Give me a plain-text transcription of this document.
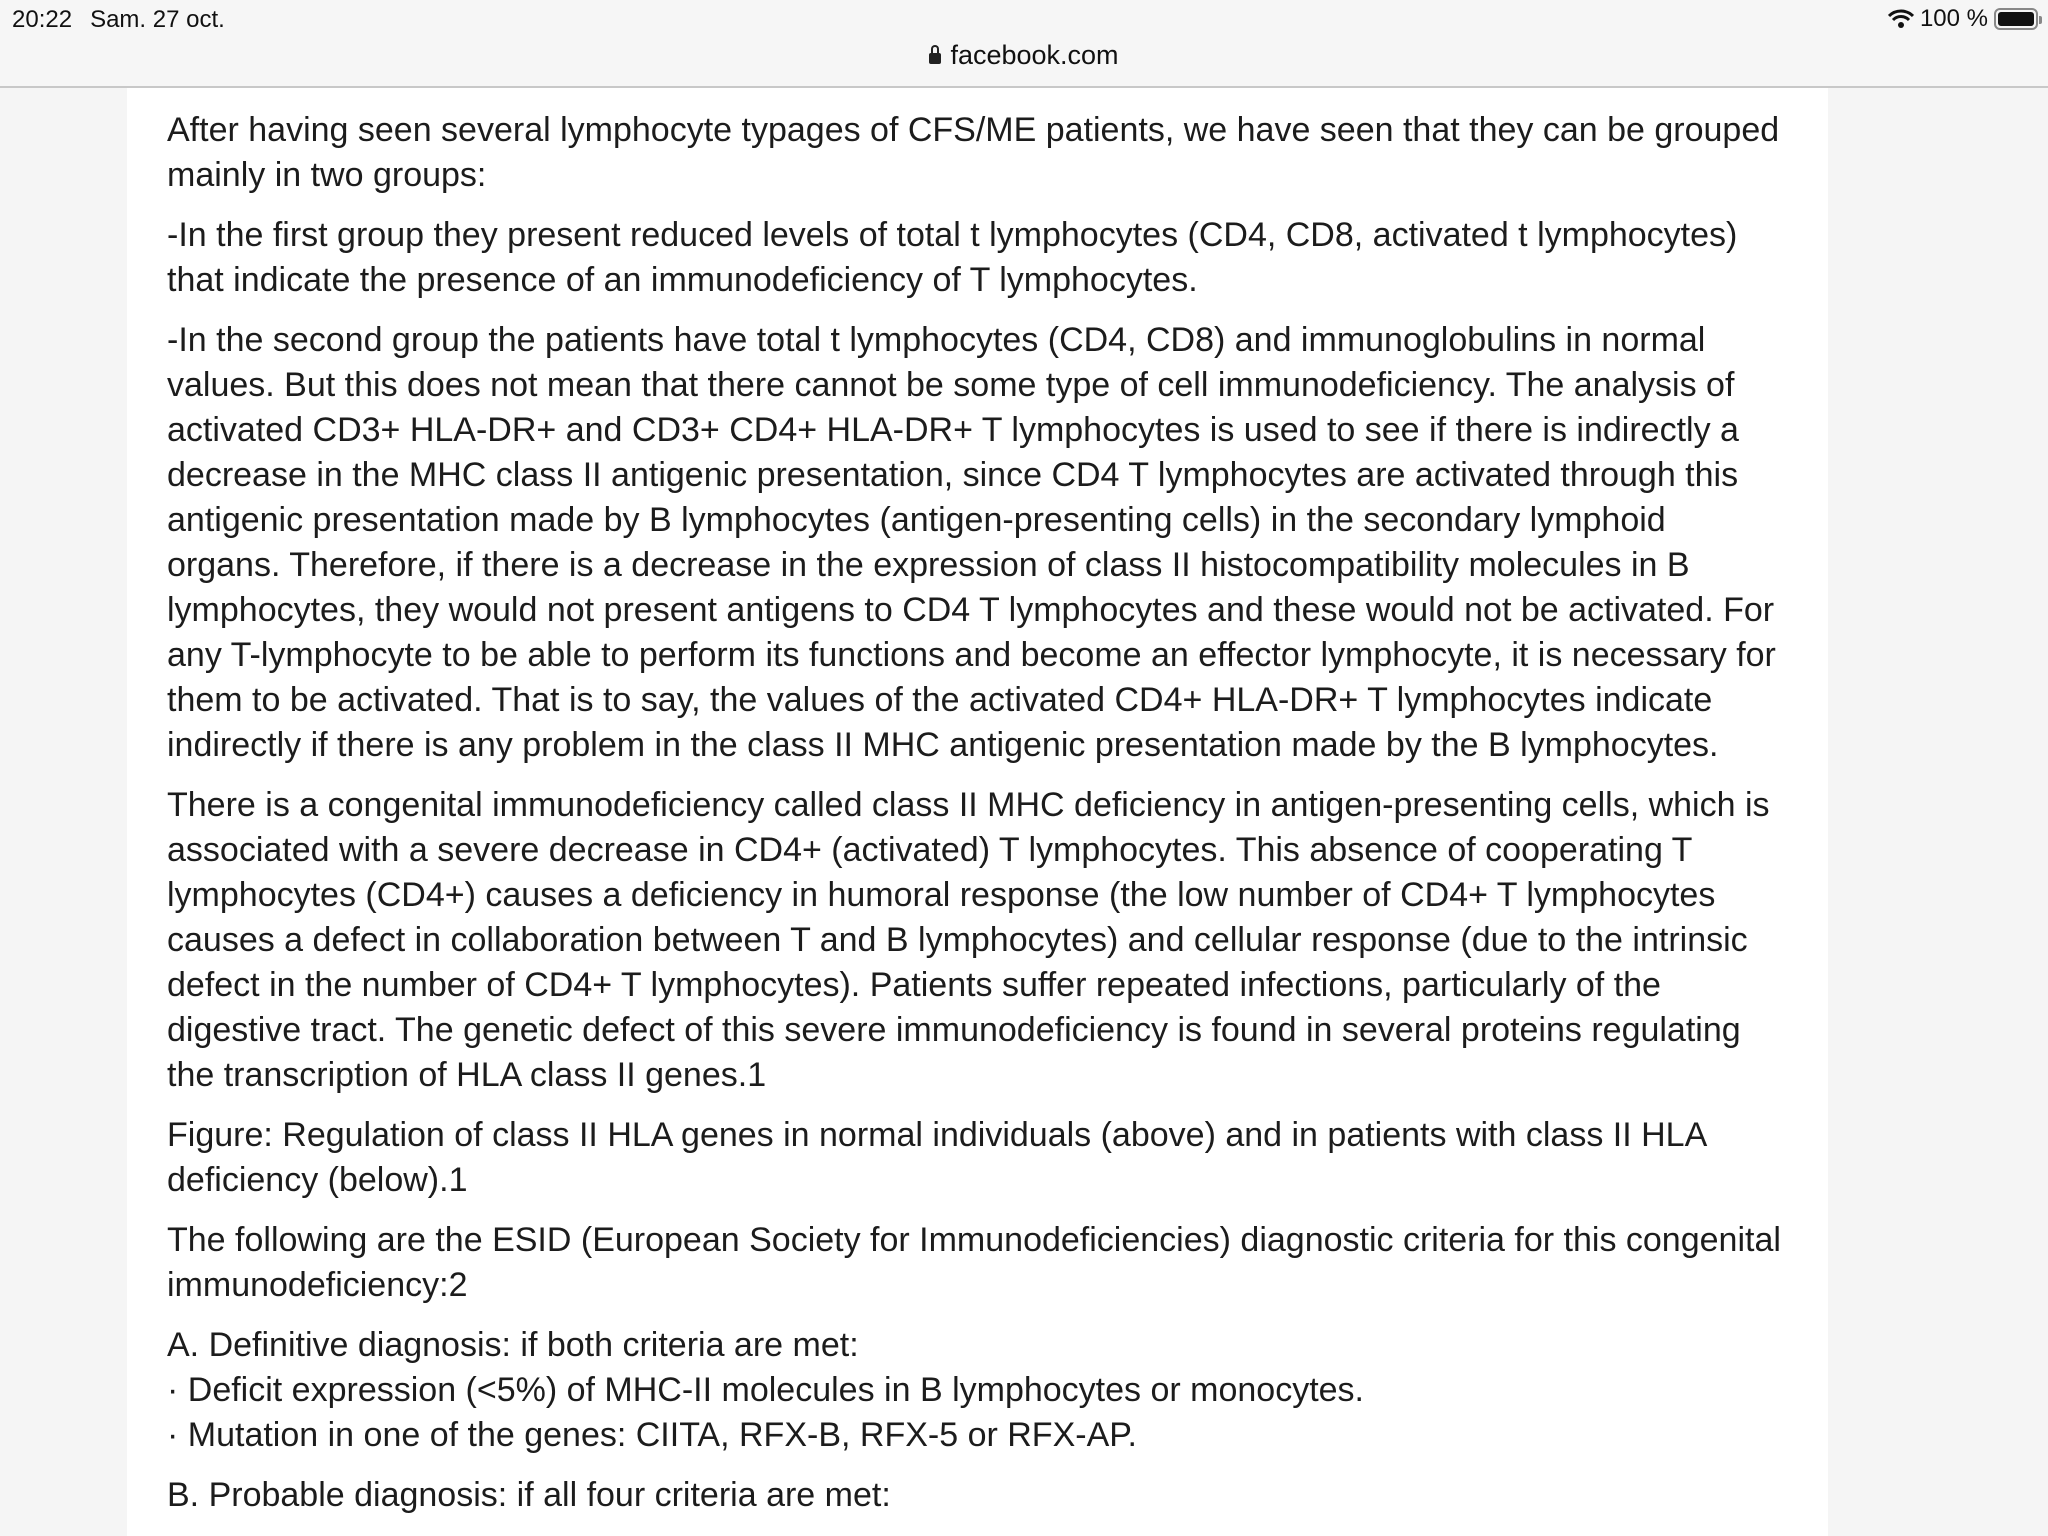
20:22 Sam. 27 oct.	100 %
facebook.com

After having seen several lymphocyte typages of CFS/ME patients, we have seen that they can be grouped mainly in two groups:

-In the first group they present reduced levels of total t lymphocytes (CD4, CD8, activated t lymphocytes) that indicate the presence of an immunodeficiency of T lymphocytes.

-In the second group the patients have total t lymphocytes (CD4, CD8) and immunoglobulins in normal values. But this does not mean that there cannot be some type of cell immunodeficiency. The analysis of activated CD3+ HLA-DR+ and CD3+ CD4+ HLA-DR+ T lymphocytes is used to see if there is indirectly a decrease in the MHC class II antigenic presentation, since CD4 T lymphocytes are activated through this antigenic presentation made by B lymphocytes (antigen-presenting cells) in the secondary lymphoid organs. Therefore, if there is a decrease in the expression of class II histocompatibility molecules in B lymphocytes, they would not present antigens to CD4 T lymphocytes and these would not be activated. For any T-lymphocyte to be able to perform its functions and become an effector lymphocyte, it is necessary for them to be activated. That is to say, the values of the activated CD4+ HLA-DR+ T lymphocytes indicate indirectly if there is any problem in the class II MHC antigenic presentation made by the B lymphocytes.

There is a congenital immunodeficiency called class II MHC deficiency in antigen-presenting cells, which is associated with a severe decrease in CD4+ (activated) T lymphocytes. This absence of cooperating T lymphocytes (CD4+) causes a deficiency in humoral response (the low number of CD4+ T lymphocytes causes a defect in collaboration between T and B lymphocytes) and cellular response (due to the intrinsic defect in the number of CD4+ T lymphocytes). Patients suffer repeated infections, particularly of the digestive tract. The genetic defect of this severe immunodeficiency is found in several proteins regulating the transcription of HLA class II genes.1

Figure: Regulation of class II HLA genes in normal individuals (above) and in patients with class II HLA deficiency (below).1

The following are the ESID (European Society for Immunodeficiencies) diagnostic criteria for this congenital immunodeficiency:2

A. Definitive diagnosis: if both criteria are met:
· Deficit expression (<5%) of MHC-II molecules in B lymphocytes or monocytes.
· Mutation in one of the genes: CIITA, RFX-B, RFX-5 or RFX-AP.

B. Probable diagnosis: if all four criteria are met:
